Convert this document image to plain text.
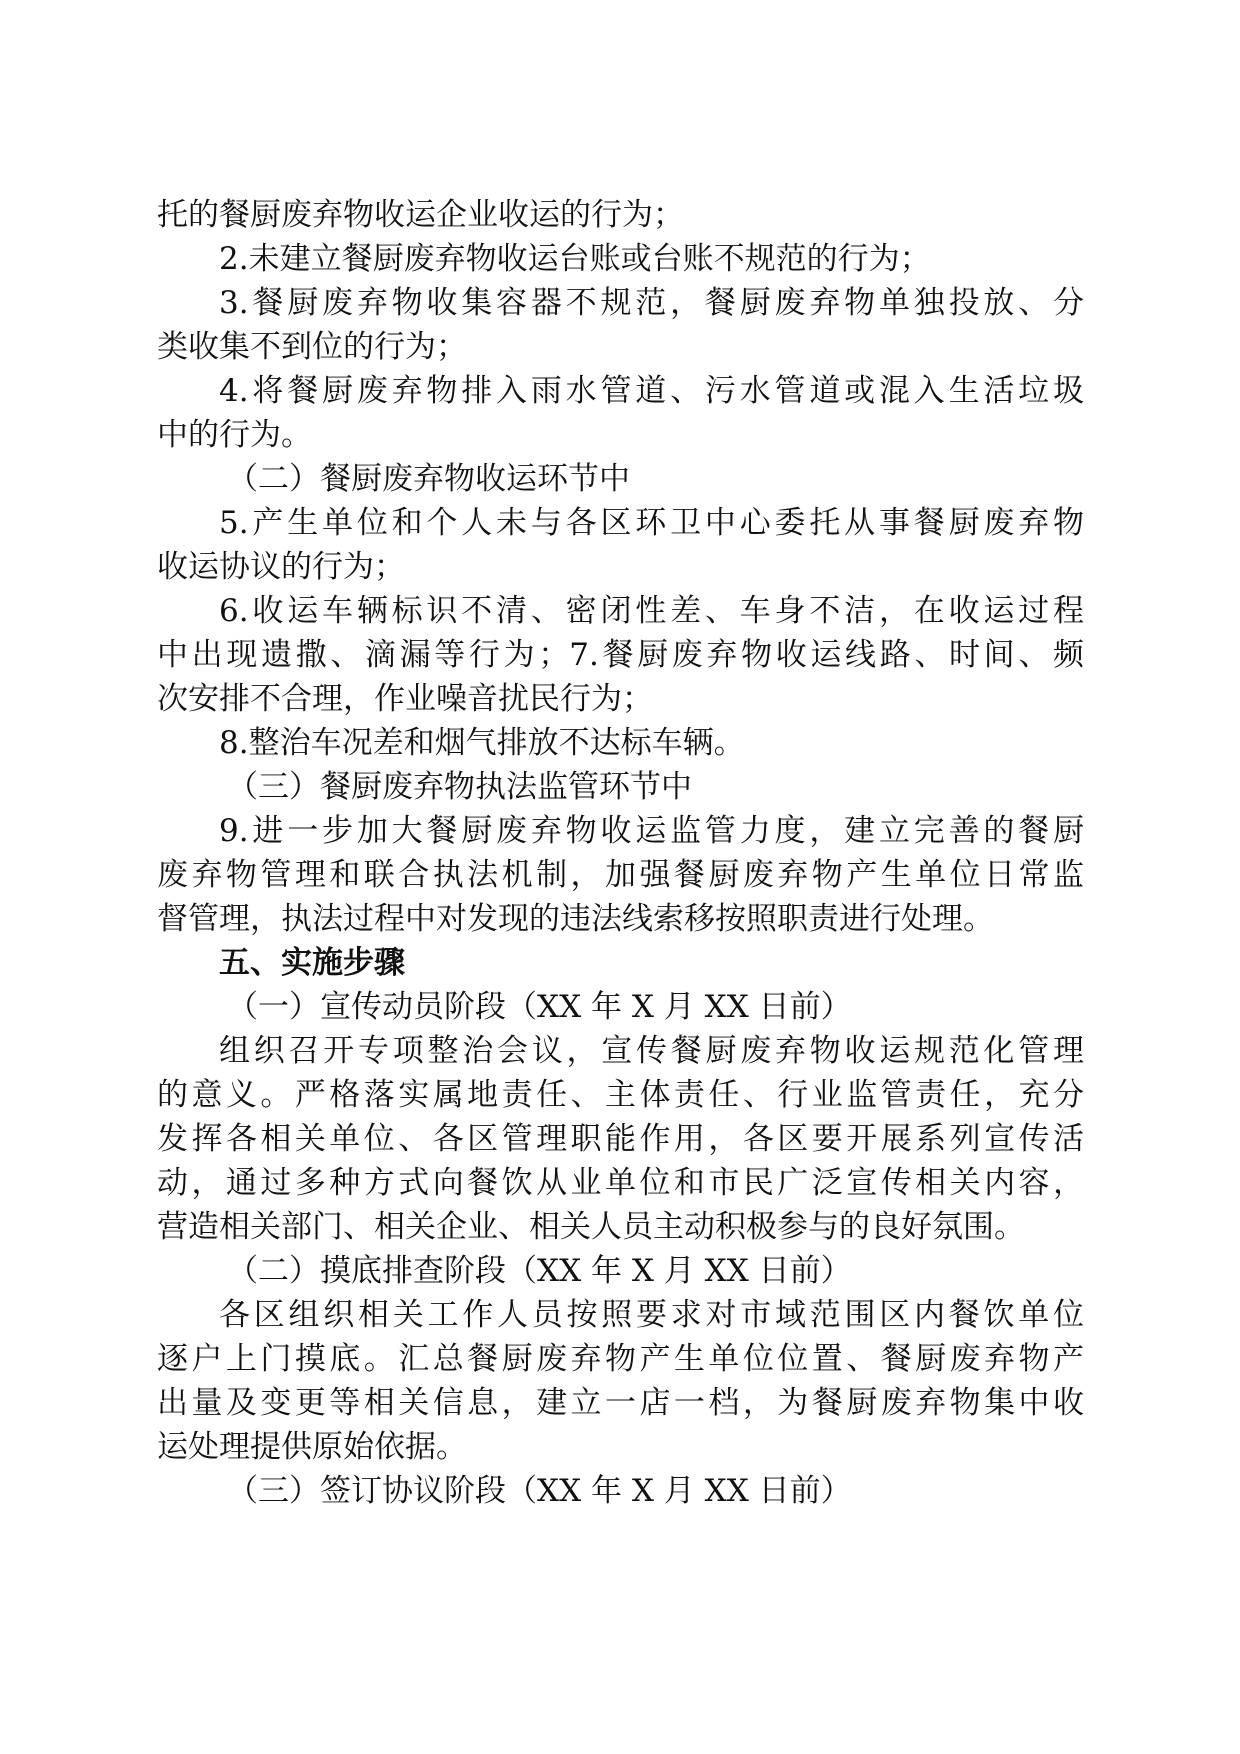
托的餐厨废弃物收运企业收运的行为；
2.未建立餐厨废弃物收运台账或台账不规范的行为；
3.餐厨废弃物收集容器不规范，餐厨废弃物单独投放、分
类收集不到位的行为；
4.将餐厨废弃物排入雨水管道、污水管道或混入生活垃圾
中的行为。
（二）餐厨废弃物收运环节中
5.产生单位和个人未与各区环卫中心委托从事餐厨废弃物
收运协议的行为；
6.收运车辆标识不清、密闭性差、车身不洁，在收运过程
中出现遗撒、滴漏等行为；7.餐厨废弃物收运线路、时间、频
次安排不合理，作业噪音扰民行为；
8.整治车况差和烟气排放不达标车辆。
（三）餐厨废弃物执法监管环节中
9.进一步加大餐厨废弃物收运监管力度，建立完善的餐厨
废弃物管理和联合执法机制，加强餐厨废弃物产生单位日常监
督管理，执法过程中对发现的违法线索移按照职责进行处理。
五、实施步骤
（一）宣传动员阶段（XX 年 X 月 XX 日前）
组织召开专项整治会议，宣传餐厨废弃物收运规范化管理
的意义。严格落实属地责任、主体责任、行业监管责任，充分
发挥各相关单位、各区管理职能作用，各区要开展系列宣传活
动，通过多种方式向餐饮从业单位和市民广泛宣传相关内容，
营造相关部门、相关企业、相关人员主动积极参与的良好氛围。
（二）摸底排查阶段（XX 年 X 月 XX 日前）
各区组织相关工作人员按照要求对市域范围区内餐饮单位
逐户上门摸底。汇总餐厨废弃物产生单位位置、餐厨废弃物产
出量及变更等相关信息，建立一店一档，为餐厨废弃物集中收
运处理提供原始依据。
（三）签订协议阶段（XX 年 X 月 XX 日前）
